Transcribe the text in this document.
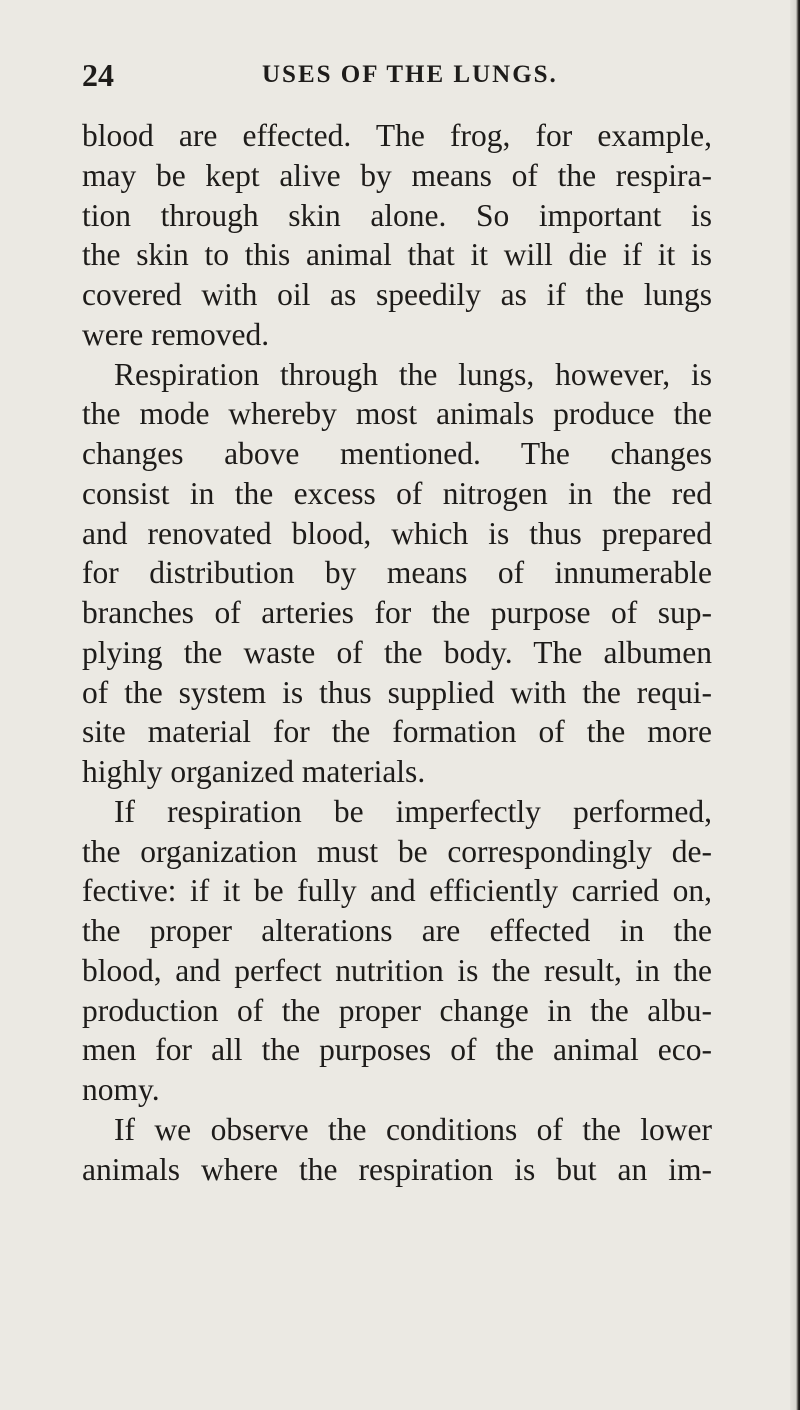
24	USES OF THE LUNGS.
blood are effected. The frog, for example,
may be kept alive by means of the respira-
tion through skin alone. So important is
the skin to this animal that it will die if it is
covered with oil as speedily as if the lungs
were removed.
Respiration through the lungs, however, is
the mode whereby most animals produce the
changes above mentioned. The changes
consist in the excess of nitrogen in the red
and renovated blood, which is thus prepared
for distribution by means of innumerable
branches of arteries for the purpose of sup-
plying the waste of the body. The albumen
of the system is thus supplied with the requi-
site material for the formation of the more
highly organized materials.
If respiration be imperfectly performed,
the organization must be correspondingly de-
fective: if it be fully and efficiently carried on,
the proper alterations are effected in the
blood, and perfect nutrition is the result, in the
production of the proper change in the albu-
men for all the purposes of the animal eco-
nomy.
If we observe the conditions of the lower
animals where the respiration is but an im-
